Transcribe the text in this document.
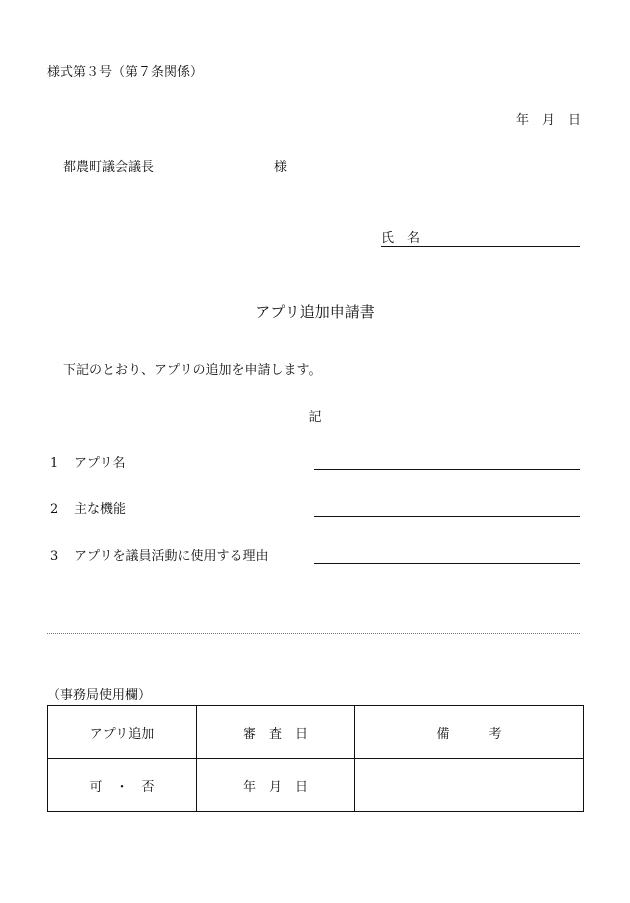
様式第３号（第７条関係）
年　月　日
都農町議会議長	様
氏　名
アプリ追加申請書
下記のとおり、アプリの追加を申請します。
記
1 アプリ名
2 主な機能
3 アプリを議員活動に使用する理由
（事務局使用欄）
アプリ追加	審　査　日	備　　　考
可　・　否	年　月　日	
